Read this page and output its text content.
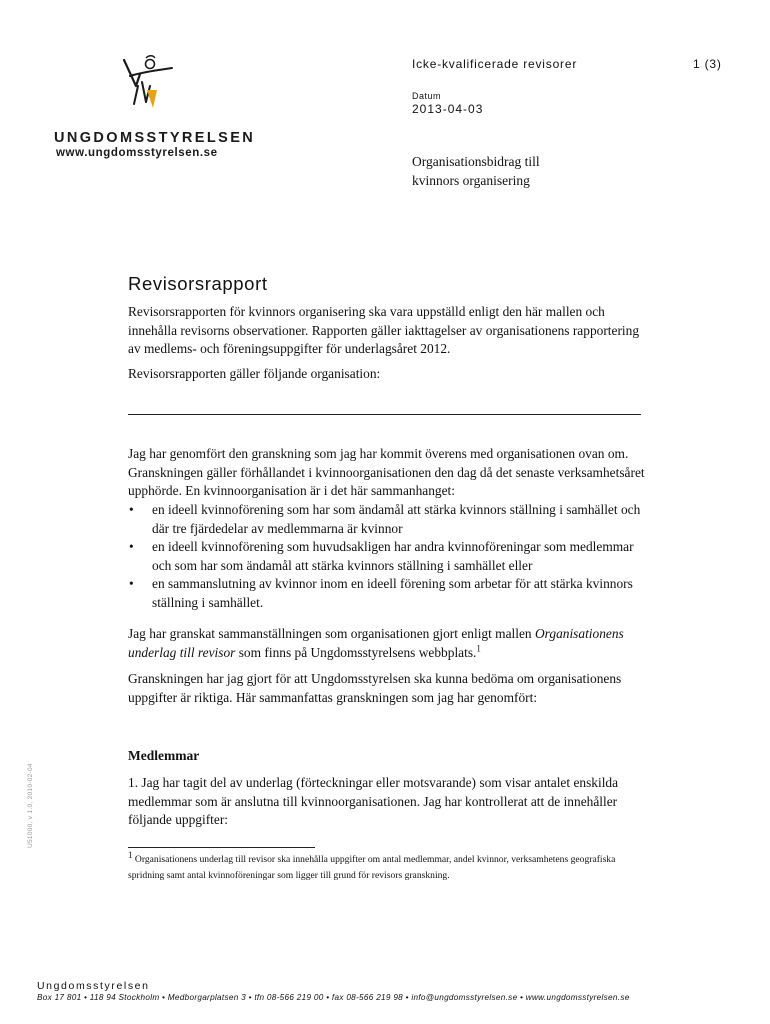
UNGDOMSSTYRELSEN
www.ungdomsstyrelsen.se
Icke-kvalificerade revisorer	1 (3)
Datum
2013-04-03
Organisationsbidrag till
kvinnors organisering
Revisorsrapport
Revisorsrapporten för kvinnors organisering ska vara uppställd enligt den här mallen och innehålla revisorns observationer. Rapporten gäller iakttagelser av organisationens rapportering av medlems- och föreningsuppgifter för underlagsåret 2012.
Revisorsrapporten gäller följande organisation:
Jag har genomfört den granskning som jag har kommit överens med organisationen ovan om. Granskningen gäller förhållandet i kvinnoorganisationen den dag då det senaste verksamhetsåret upphörde. En kvinnoorganisation är i det här sammanhanget:
• en ideell kvinnoförening som har som ändamål att stärka kvinnors ställning i samhället och där tre fjärdedelar av medlemmarna är kvinnor
• en ideell kvinnoförening som huvudsakligen har andra kvinnoföreningar som medlemmar och som har som ändamål att stärka kvinnors ställning i samhället eller
• en sammanslutning av kvinnor inom en ideell förening som arbetar för att stärka kvinnors ställning i samhället.
Jag har granskat sammanställningen som organisationen gjort enligt mallen Organisationens underlag till revisor som finns på Ungdomsstyrelsens webbplats.$^1$
Granskningen har jag gjort för att Ungdomsstyrelsen ska kunna bedöma om organisationens uppgifter är riktiga. Här sammanfattas granskningen som jag har genomfört:
Medlemmar
1. Jag har tagit del av underlag (förteckningar eller motsvarande) som visar antalet enskilda medlemmar som är anslutna till kvinnoorganisationen. Jag har kontrollerat att de innehåller följande uppgifter:
$^1$ Organisationens underlag till revisor ska innehålla uppgifter om antal medlemmar, andel kvinnor, verksamhetens geografiska spridning samt antal kvinnoföreningar som ligger till grund för revisors granskning.
U51000, v 1.0, 2010-02-04
Ungdomsstyrelsen
Box 17 801 • 118 94 Stockholm • Medborgarplatsen 3 • tfn 08-566 219 00 • fax 08-566 219 98 • info@ungdomsstyrelsen.se • www.ungdomsstyrelsen.se
